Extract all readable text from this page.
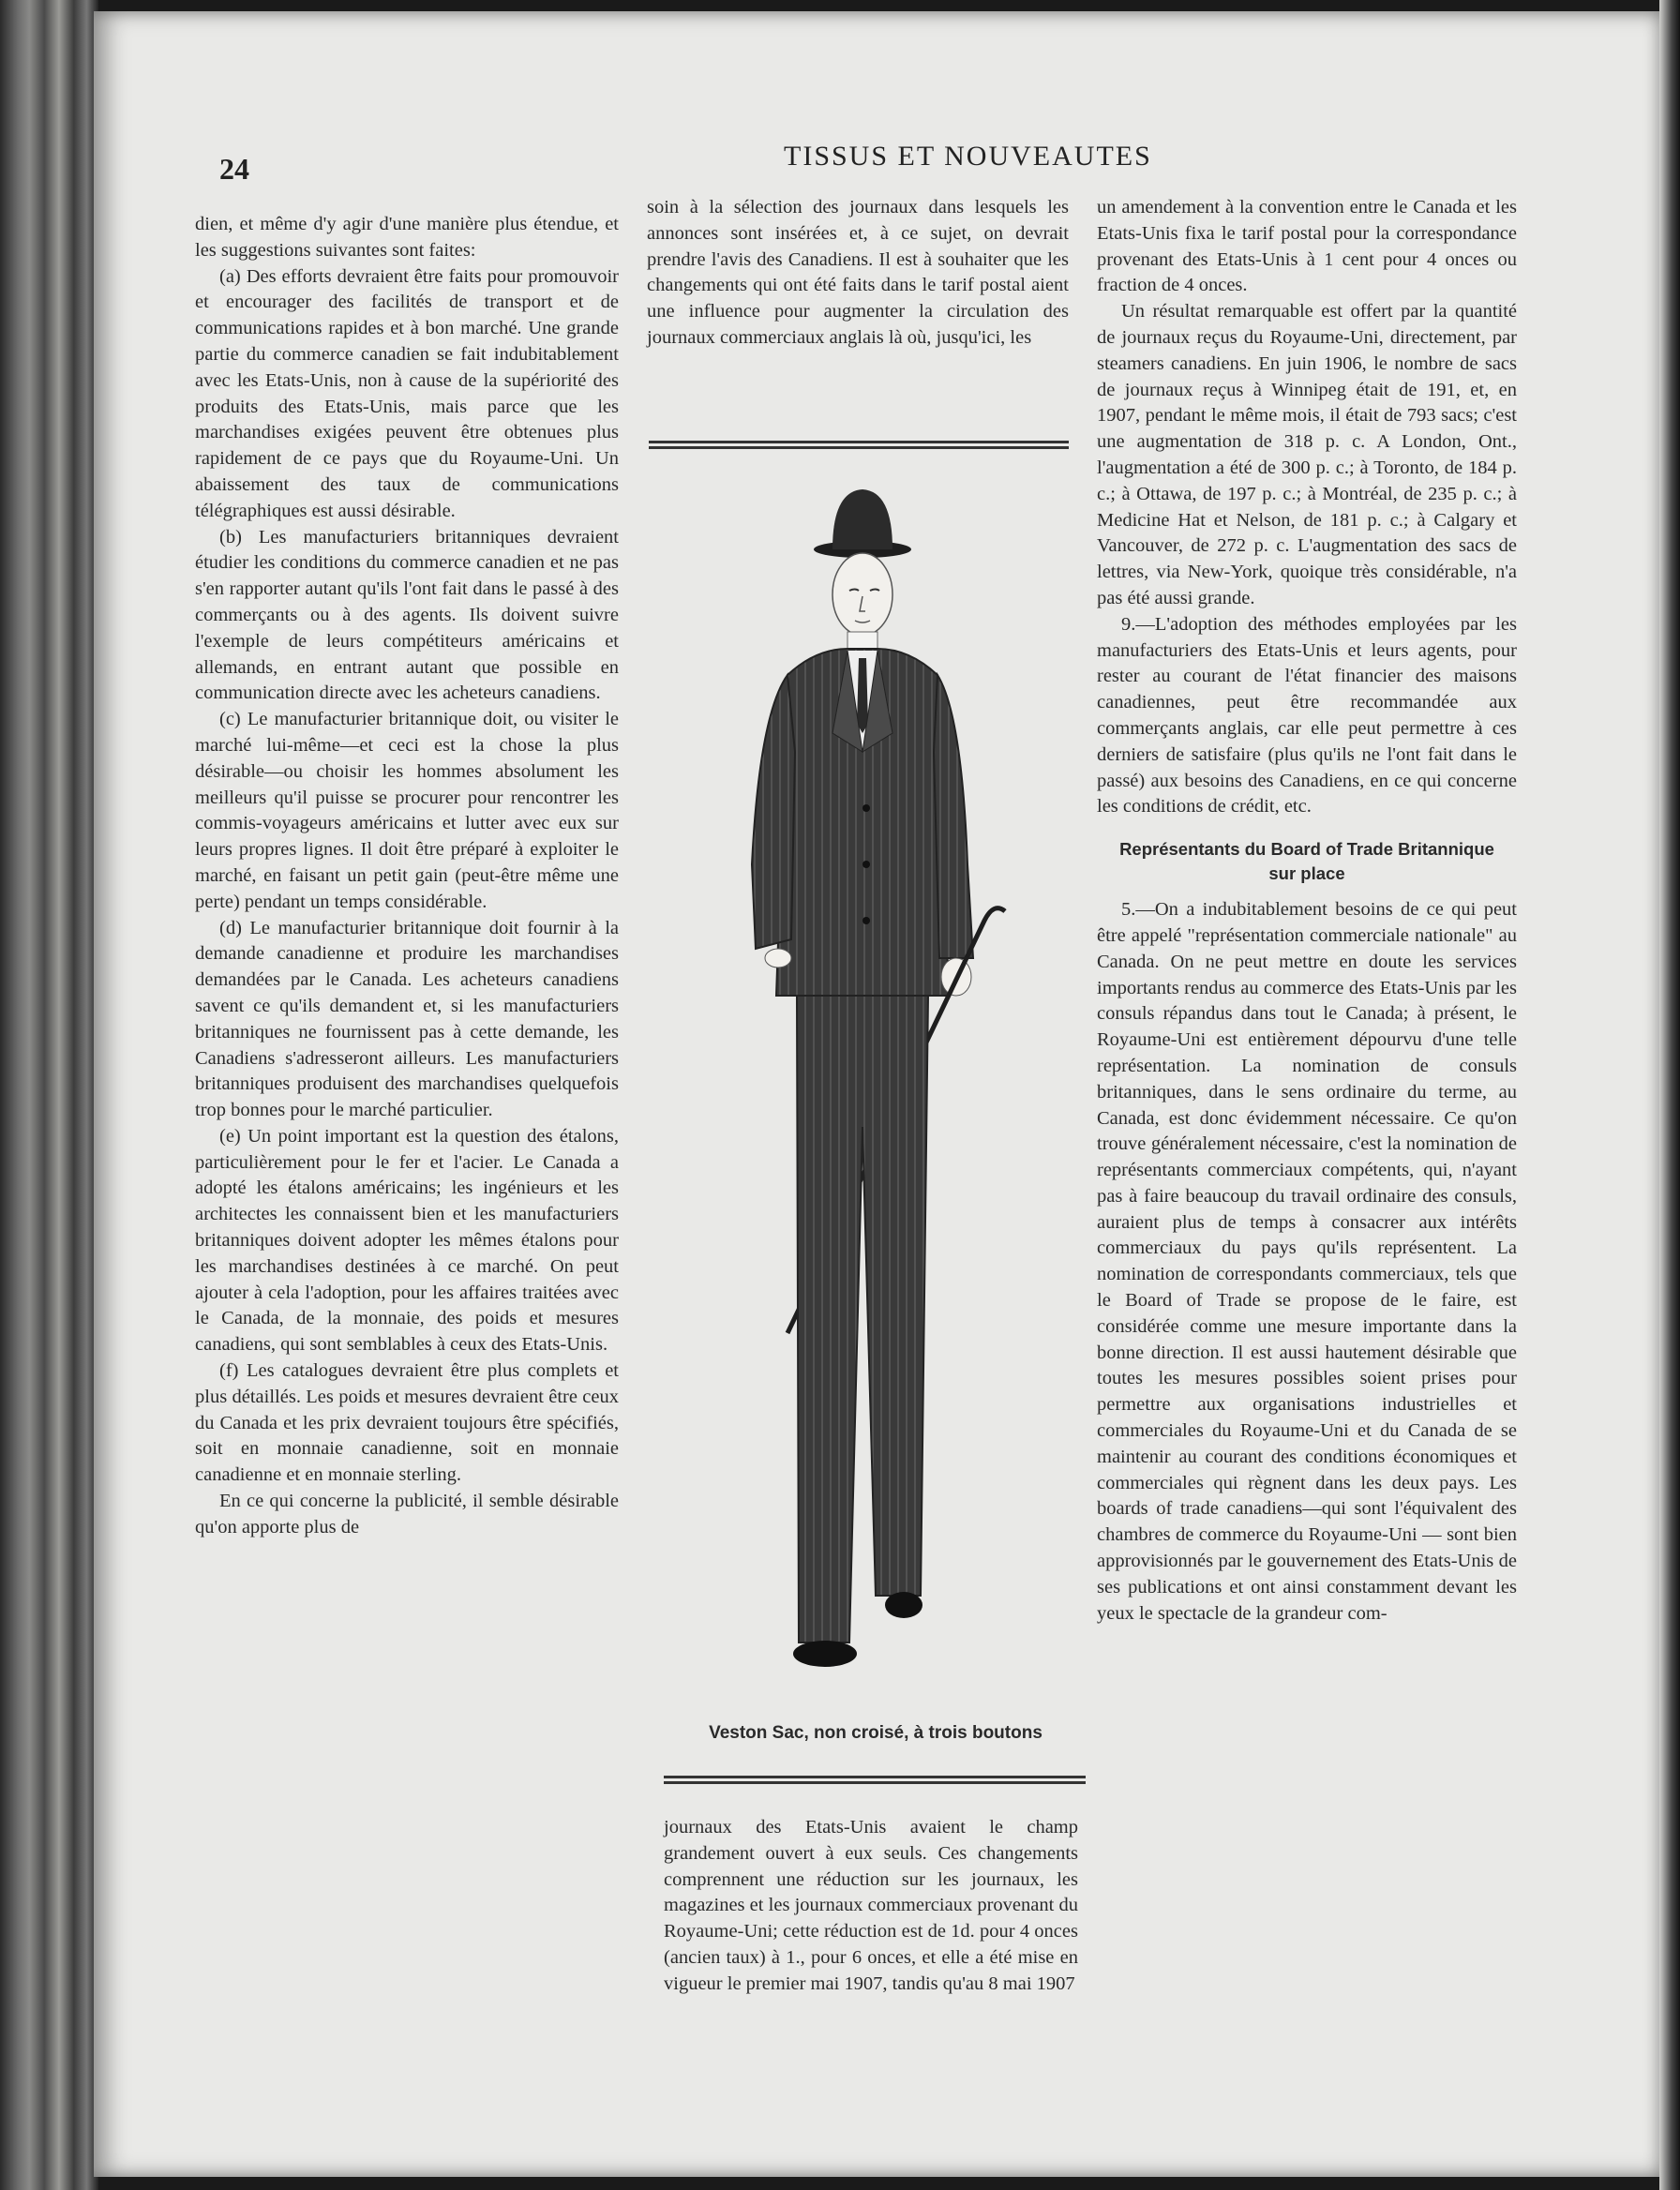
24	TISSUS ET NOUVEAUTES

dien, et même d'y agir d'une manière plus étendue, et les suggestions suivantes sont faites:

(a) Des efforts devraient être faits pour promouvoir et encourager des facilités de transport et de communications rapides et à bon marché. Une grande partie du commerce canadien se fait indubitablement avec les Etats-Unis, non à cause de la supériorité des produits des Etats-Unis, mais parce que les marchandises exigées peuvent être obtenues plus rapidement de ce pays que du Royaume-Uni. Un abaissement des taux de communications télégraphiques est aussi désirable.

(b) Les manufacturiers britanniques devraient étudier les conditions du commerce canadien et ne pas s'en rapporter autant qu'ils l'ont fait dans le passé à des commerçants ou à des agents. Ils doivent suivre l'exemple de leurs compétiteurs américains et allemands, en entrant autant que possible en communication directe avec les acheteurs canadiens.

(c) Le manufacturier britannique doit, ou visiter le marché lui-même—et ceci est la chose la plus désirable—ou choisir les hommes absolument les meilleurs qu'il puisse se procurer pour rencontrer les commis-voyageurs américains et lutter avec eux sur leurs propres lignes. Il doit être préparé à exploiter le marché, en faisant un petit gain (peut-être même une perte) pendant un temps considérable.

(d) Le manufacturier britannique doit fournir à la demande canadienne et produire les marchandises demandées par le Canada. Les acheteurs canadiens savent ce qu'ils demandent et, si les manufacturiers britanniques ne fournissent pas à cette demande, les Canadiens s'adresseront ailleurs. Les manufacturiers britanniques produisent des marchandises quelquefois trop bonnes pour le marché particulier.

(e) Un point important est la question des étalons, particulièrement pour le fer et l'acier. Le Canada a adopté les étalons américains; les ingénieurs et les architectes les connaissent bien et les manufacturiers britanniques doivent adopter les mêmes étalons pour les marchandises destinées à ce marché. On peut ajouter à cela l'adoption, pour les affaires traitées avec le Canada, de la monnaie, des poids et mesures canadiens, qui sont semblables à ceux des Etats-Unis.

(f) Les catalogues devraient être plus complets et plus détaillés. Les poids et mesures devraient être ceux du Canada et les prix devraient toujours être spécifiés, soit en monnaie canadienne, soit en monnaie canadienne et en monnaie sterling.

En ce qui concerne la publicité, il semble désirable qu'on apporte plus de

soin à la sélection des journaux dans lesquels les annonces sont insérées et, à ce sujet, on devrait prendre l'avis des Canadiens. Il est à souhaiter que les changements qui ont été faits dans le tarif postal aient une influence pour augmenter la circulation des journaux commerciaux anglais là où, jusqu'ici, les

Veston Sac, non croisé, à trois boutons

journaux des Etats-Unis avaient le champ grandement ouvert à eux seuls. Ces changements comprennent une réduction sur les journaux, les magazines et les journaux commerciaux provenant du Royaume-Uni; cette réduction est de 1d. pour 4 onces (ancien taux) à 1., pour 6 onces, et elle a été mise en vigueur le premier mai 1907, tandis qu'au 8 mai 1907

un amendement à la convention entre le Canada et les Etats-Unis fixa le tarif postal pour la correspondance provenant des Etats-Unis à 1 cent pour 4 onces ou fraction de 4 onces.

Un résultat remarquable est offert par la quantité de journaux reçus du Royaume-Uni, directement, par steamers canadiens. En juin 1906, le nombre de sacs de journaux reçus à Winnipeg était de 191, et, en 1907, pendant le même mois, il était de 793 sacs; c'est une augmentation de 318 p. c. A London, Ont., l'augmentation a été de 300 p. c.; à Toronto, de 184 p. c.; à Ottawa, de 197 p. c.; à Montréal, de 235 p. c.; à Medicine Hat et Nelson, de 181 p. c.; à Calgary et Vancouver, de 272 p. c. L'augmentation des sacs de lettres, via New-York, quoique très considérable, n'a pas été aussi grande.

9.—L'adoption des méthodes employées par les manufacturiers des Etats-Unis et leurs agents, pour rester au courant de l'état financier des maisons canadiennes, peut être recommandée aux commerçants anglais, car elle peut permettre à ces derniers de satisfaire (plus qu'ils ne l'ont fait dans le passé) aux besoins des Canadiens, en ce qui concerne les conditions de crédit, etc.

Représentants du Board of Trade Britannique sur place

5.—On a indubitablement besoins de ce qui peut être appelé "représentation commerciale nationale" au Canada. On ne peut mettre en doute les services importants rendus au commerce des Etats-Unis par les consuls répandus dans tout le Canada; à présent, le Royaume-Uni est entièrement dépourvu d'une telle représentation. La nomination de consuls britanniques, dans le sens ordinaire du terme, au Canada, est donc évidemment nécessaire. Ce qu'on trouve généralement nécessaire, c'est la nomination de représentants commerciaux compétents, qui, n'ayant pas à faire beaucoup du travail ordinaire des consuls, auraient plus de temps à consacrer aux intérêts commerciaux du pays qu'ils représentent. La nomination de correspondants commerciaux, tels que le Board of Trade se propose de le faire, est considérée comme une mesure importante dans la bonne direction. Il est aussi hautement désirable que toutes les mesures possibles soient prises pour permettre aux organisations industrielles et commerciales du Royaume-Uni et du Canada de se maintenir au courant des conditions économiques et commerciales qui règnent dans les deux pays. Les boards of trade canadiens—qui sont l'équivalent des chambres de commerce du Royaume-Uni — sont bien approvisionnés par le gouvernement des Etats-Unis de ses publications et ont ainsi constamment devant les yeux le spectacle de la grandeur com-
